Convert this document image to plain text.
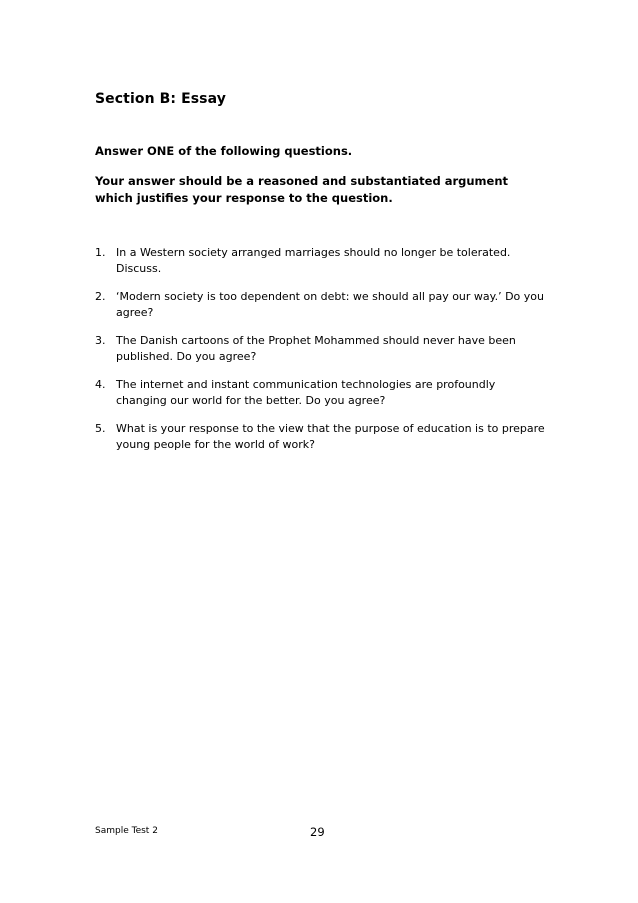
Section B: Essay
Answer ONE of the following questions.
Your answer should be a reasoned and substantiated argument which justifies your response to the question.
1. In a Western society arranged marriages should no longer be tolerated. Discuss.
2. ‘Modern society is too dependent on debt: we should all pay our way.’ Do you agree?
3. The Danish cartoons of the Prophet Mohammed should never have been published. Do you agree?
4. The internet and instant communication technologies are profoundly changing our world for the better. Do you agree?
5. What is your response to the view that the purpose of education is to prepare young people for the world of work?
Sample Test 2	29
